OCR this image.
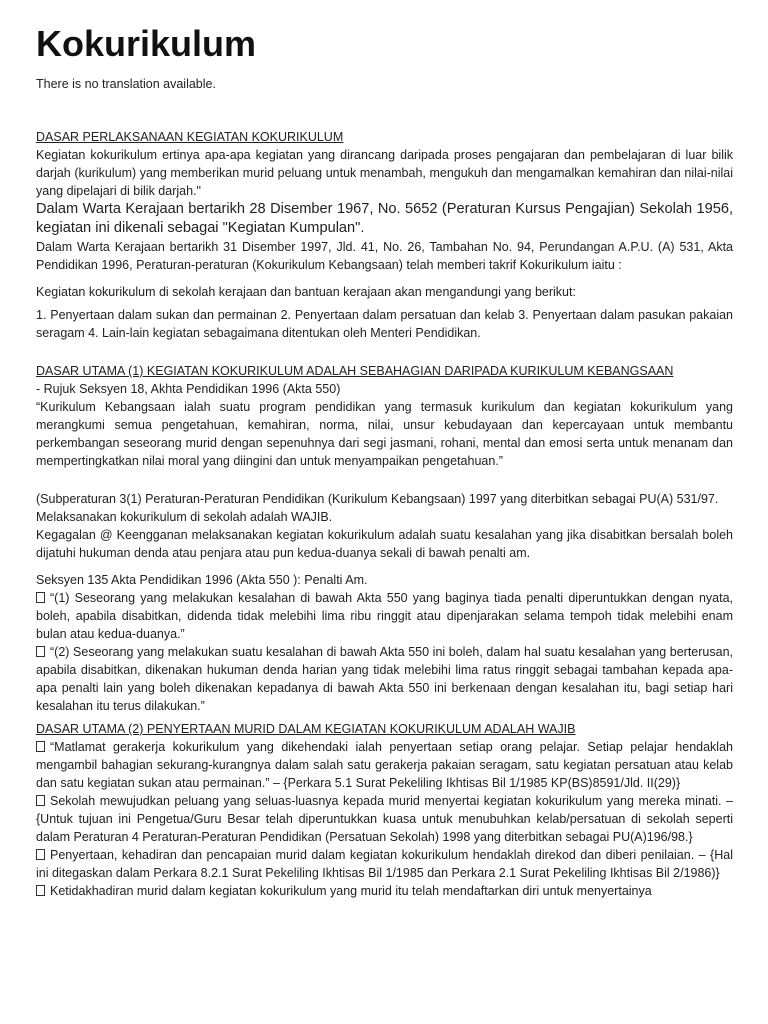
Kokurikulum
There is no translation available.
DASAR PERLAKSANAAN KEGIATAN KOKURIKULUM

Kegiatan kokurikulum ertinya apa-apa kegiatan yang dirancang daripada proses pengajaran dan pembelajaran di luar bilik darjah (kurikulum) yang memberikan murid peluang untuk menambah, mengukuh dan mengamalkan kemahiran dan nilai-nilai yang dipelajari di bilik darjah."

Dalam Warta Kerajaan bertarikh 28 Disember 1967, No. 5652 (Peraturan Kursus Pengajian) Sekolah 1956, kegiatan ini dikenali sebagai "Kegiatan Kumpulan".

Dalam Warta Kerajaan bertarikh 31 Disember 1997, Jld. 41, No. 26, Tambahan No. 94, Perundangan A.P.U. (A) 531, Akta Pendidikan 1996, Peraturan-peraturan (Kokurikulum Kebangsaan) telah memberi takrif Kokurikulum iaitu :

Kegiatan kokurikulum di sekolah kerajaan dan bantuan kerajaan akan mengandungi yang berikut:

1. Penyertaan dalam sukan dan permainan 2. Penyertaan dalam persatuan dan kelab 3. Penyertaan dalam pasukan pakaian seragam 4. Lain-lain kegiatan sebagaimana ditentukan oleh Menteri Pendidikan.

DASAR UTAMA (1) KEGIATAN KOKURIKULUM ADALAH SEBAHAGIAN DARIPADA KURIKULUM KEBANGSAAN

- Rujuk Seksyen 18, Akhta Pendidikan 1996 (Akta 550)

“Kurikulum Kebangsaan ialah suatu program pendidikan yang termasuk kurikulum dan kegiatan kokurikulum yang merangkumi semua pengetahuan, kemahiran, norma, nilai, unsur kebudayaan dan kepercayaan untuk membantu perkembangan seseorang murid dengan sepenuhnya dari segi jasmani, rohani, mental dan emosi serta untuk menanam dan mempertingkatkan nilai moral yang diingini dan untuk menyampaikan pengetahuan.”

(Subperaturan 3(1) Peraturan-Peraturan Pendidikan (Kurikulum Kebangsaan) 1997 yang diterbitkan sebagai PU(A) 531/97.

Melaksanakan kokurikulum di sekolah adalah WAJIB.

Kegagalan @ Keengganan melaksanakan kegiatan kokurikulum adalah suatu kesalahan yang jika disabitkan bersalah boleh dijatuhi hukuman denda atau penjara atau pun kedua-duanya sekali di bawah penalti am.

Seksyen 135 Akta Pendidikan 1996 (Akta 550 ): Penalti Am.

“(1) Seseorang yang melakukan kesalahan di bawah Akta 550 yang baginya tiada penalti diperuntukkan dengan nyata, boleh, apabila disabitkan, didenda tidak melebihi lima ribu ringgit atau dipenjarakan selama tempoh tidak melebihi enam bulan atau kedua-duanya.”

“(2) Seseorang yang melakukan suatu kesalahan di bawah Akta 550 ini boleh, dalam hal suatu kesalahan yang berterusan, apabila disabitkan, dikenakan hukuman denda harian yang tidak melebihi lima ratus ringgit sebagai tambahan kepada apa-apa penalti lain yang boleh dikenakan kepadanya di bawah Akta 550 ini berkenaan dengan kesalahan itu, bagi setiap hari kesalahan itu terus dilakukan.”

DASAR UTAMA (2) PENYERTAAN MURID DALAM KEGIATAN KOKURIKULUM ADALAH WAJIB

“Matlamat gerakerja kokurikulum yang dikehendaki ialah penyertaan setiap orang pelajar. Setiap pelajar hendaklah mengambil bahagian sekurang-kurangnya dalam salah satu gerakerja pakaian seragam, satu kegiatan persatuan atau kelab dan satu kegiatan sukan atau permainan.” – {Perkara 5.1 Surat Pekeliling Ikhtisas Bil 1/1985 KP(BS)8591/Jld. II(29)}

Sekolah mewujudkan peluang yang seluas-luasnya kepada murid menyertai kegiatan kokurikulum yang mereka minati. – {Untuk tujuan ini Pengetua/Guru Besar telah diperuntukkan kuasa untuk menubuhkan kelab/persatuan di sekolah seperti dalam Peraturan 4 Peraturan-Peraturan Pendidikan (Persatuan Sekolah) 1998 yang diterbitkan sebagai PU(A)196/98.}

Penyertaan, kehadiran dan pencapaian murid dalam kegiatan kokurikulum hendaklah direkod dan diberi penilaian. – {Hal ini ditegaskan dalam Perkara 8.2.1 Surat Pekeliling Ikhtisas Bil 1/1985 dan Perkara 2.1 Surat Pekeliling Ikhtisas Bil 2/1986)}

Ketidakhadiran murid dalam kegiatan kokurikulum yang murid itu telah mendaftarkan diri untuk menyertainya
